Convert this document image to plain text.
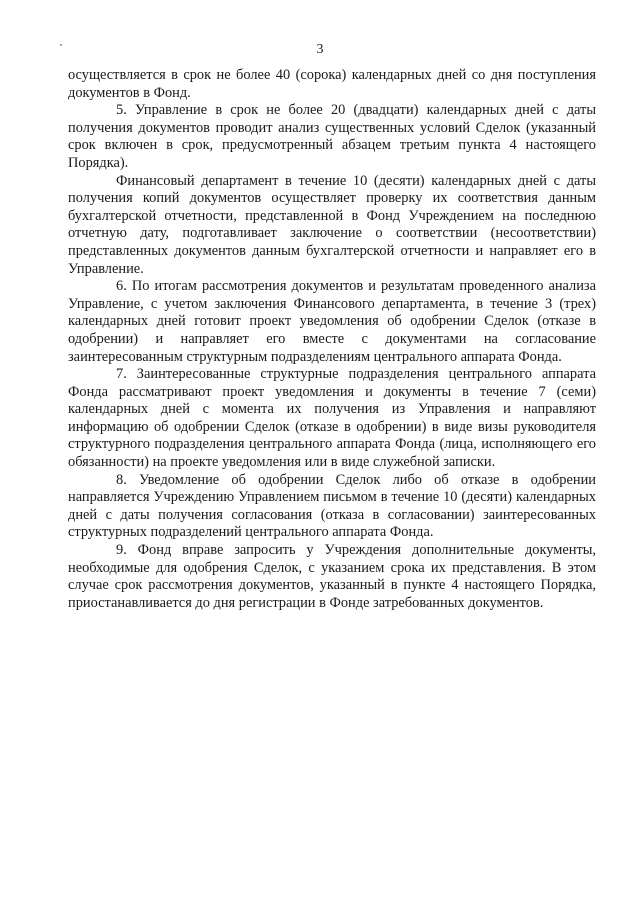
3

осуществляется в срок не более 40 (сорока) календарных дней со дня поступления документов в Фонд.

5. Управление в срок не более 20 (двадцати) календарных дней с даты получения документов проводит анализ существенных условий Сделок (указанный срок включен в срок, предусмотренный абзацем третьим пункта 4 настоящего Порядка).

Финансовый департамент в течение 10 (десяти) календарных дней с даты получения копий документов осуществляет проверку их соответствия данным бухгалтерской отчетности, представленной в Фонд Учреждением на последнюю отчетную дату, подготавливает заключение о соответствии (несоответствии) представленных документов данным бухгалтерской отчетности и направляет его в Управление.

6. По итогам рассмотрения документов и результатам проведенного анализа Управление, с учетом заключения Финансового департамента, в течение 3 (трех) календарных дней готовит проект уведомления об одобрении Сделок (отказе в одобрении) и направляет его вместе с документами на согласование заинтересованным структурным подразделениям центрального аппарата Фонда.

7. Заинтересованные структурные подразделения центрального аппарата Фонда рассматривают проект уведомления и документы в течение 7 (семи) календарных дней с момента их получения из Управления и направляют информацию об одобрении Сделок (отказе в одобрении) в виде визы руководителя структурного подразделения центрального аппарата Фонда (лица, исполняющего его обязанности) на проекте уведомления или в виде служебной записки.

8. Уведомление об одобрении Сделок либо об отказе в одобрении направляется Учреждению Управлением письмом в течение 10 (десяти) календарных дней с даты получения согласования (отказа в согласовании) заинтересованных структурных подразделений центрального аппарата Фонда.

9. Фонд вправе запросить у Учреждения дополнительные документы, необходимые для одобрения Сделок, с указанием срока их представления. В этом случае срок рассмотрения документов, указанный в пункте 4 настоящего Порядка, приостанавливается до дня регистрации в Фонде затребованных документов.
